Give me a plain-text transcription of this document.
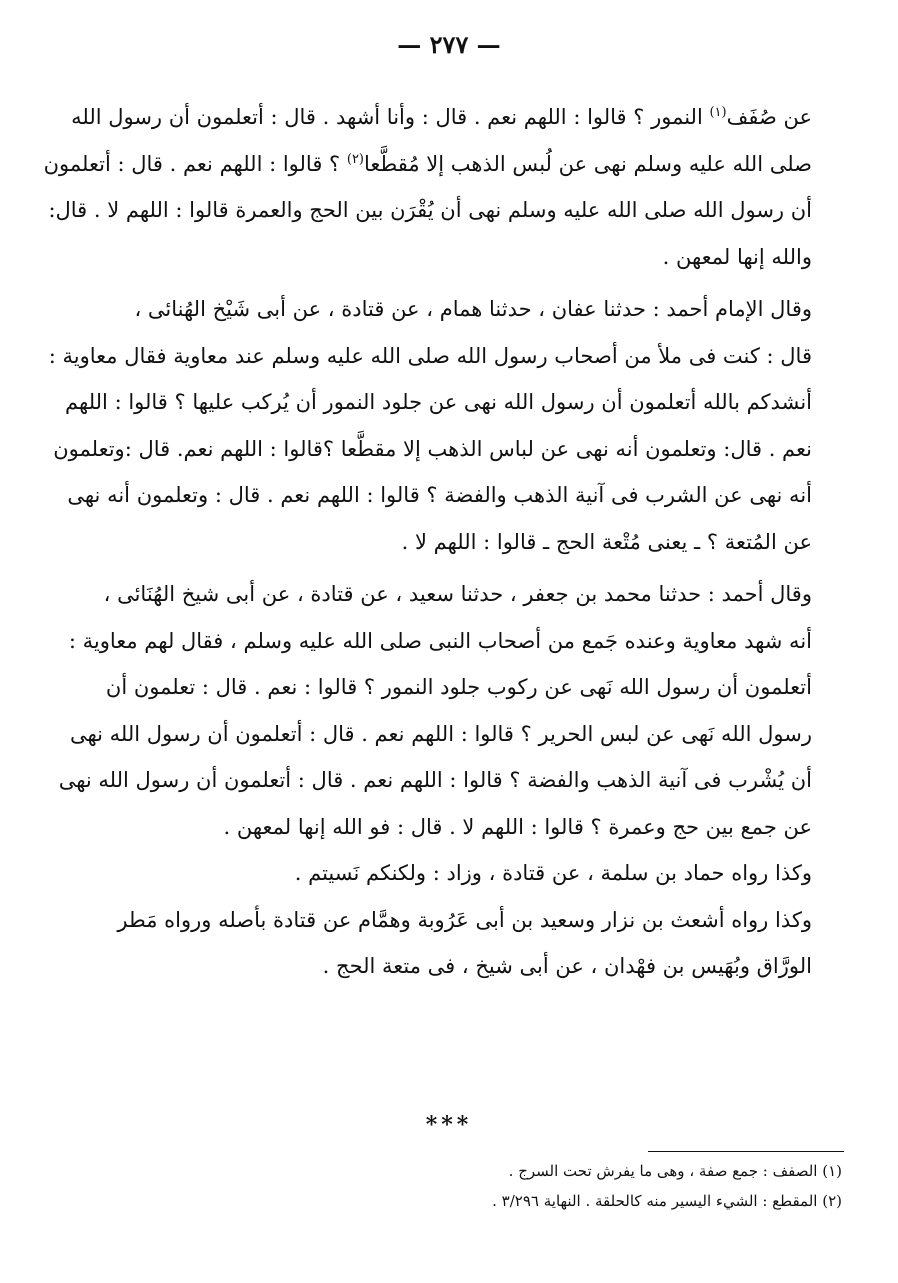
— ٢٧٧ —

عن صُفَف$^{(١)}$ النمور ؟ قالوا : اللهم نعم . قال : وأنا أشهد . قال : أتعلمون أن رسول الله
صلى الله عليه وسلم نهى عن لُبس الذهب إلا مُقطَّعا$^{(٢)}$ ؟ قالوا : اللهم نعم . قال : أتعلمون
أن رسول الله صلى الله عليه وسلم نهى أن يُقْرَن بين الحج والعمرة قالوا : اللهم لا . قال:
والله إنها لمعهن .

وقال الإمام أحمد : حدثنا عفان ، حدثنا همام ، عن قتادة ، عن أبى شَيْخ الهُنائى ،
قال : كنت فى ملأ من أصحاب رسول الله صلى الله عليه وسلم عند معاوية فقال معاوية :
أنشدكم بالله أتعلمون أن رسول الله نهى عن جلود النمور أن يُركب عليها ؟ قالوا : اللهم
نعم . قال: وتعلمون أنه نهى عن لباس الذهب إلا مقطَّعا ؟قالوا : اللهم نعم. قال :وتعلمون
أنه نهى عن الشرب فى آنية الذهب والفضة ؟ قالوا : اللهم نعم . قال : وتعلمون أنه نهى
عن المُتعة ؟ ـ يعنى مُتْعة الحج ـ قالوا : اللهم لا .

وقال أحمد : حدثنا محمد بن جعفر ، حدثنا سعيد ، عن قتادة ، عن أبى شيخ الهُنَائى ،
أنه شهد معاوية وعنده جَمع من أصحاب النبى صلى الله عليه وسلم ، فقال لهم معاوية :
أتعلمون أن رسول الله نَهى عن ركوب جلود النمور ؟ قالوا : نعم . قال : تعلمون أن
رسول الله نَهى عن لبس الحرير ؟ قالوا : اللهم نعم . قال : أتعلمون أن رسول الله نهى
أن يُشْرب فى آنية الذهب والفضة ؟ قالوا : اللهم نعم . قال : أتعلمون أن رسول الله نهى
عن جمع بين حج وعمرة ؟ قالوا : اللهم لا . قال : فو الله إنها لمعهن .

وكذا رواه حماد بن سلمة ، عن قتادة ، وزاد : ولكنكم نَسيتم .

وكذا رواه أشعث بن نزار وسعيد بن أبى عَرُوبة وهمَّام عن قتادة بأصله ورواه مَطر
الورَّاق وبُهَيس بن فهْدان ، عن أبى شيخ ، فى متعة الحج .

***
(١) الصفف : جمع صفة ، وهى ما يفرش تحت السرج .
(٢) المقطع : الشيء اليسير منه كالحلقة . النهاية ٣/٢٩٦ .
